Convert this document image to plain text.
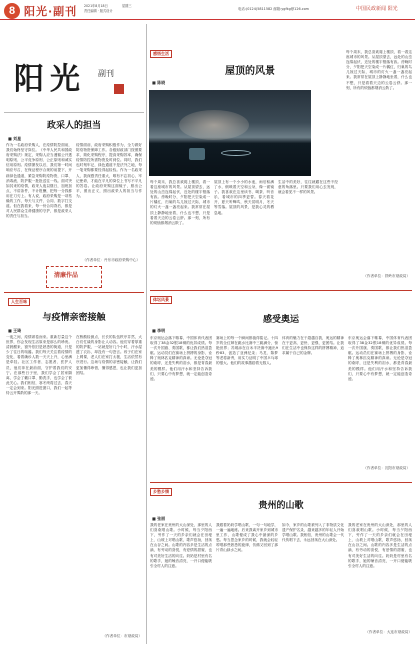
8 阳光·副刊 2021年8月18日	星期三
责任编辑 · 版式设计	电话:(0124)5811582 邮箱:ygfkg@126.com	中国民政新闻 阳光
阳光 副刊
政采人的担当
■ 刘星
作为一名政府采购人，在疫情防控面前，我们始终坚守岗位。《中华人民共和国政府采购法》规定，采购人应当遵循公开透明原则、公平竞争原则、公正原则和诚实信用原则。疫情暴发以后，我们第一时间响应号召，在保证程序合规的前提下，开辟绿色通道，紧急采购防疫物资，口罩、消毒液、防护服一批批送往一线。面对突如其来的疫情，政采人夜以继日，加班加点，不讲条件，不计报酬，把每一分钱都用在刀刃上。有人说，政府采购是一项枯燥的工作，每天与文件、合同、数字打交道。但在我看来，每一份合同背后，都是对人民群众生命健康的守护，都是政采人的责任与担当。
疫情面前，政府采购积极作为，全力做好防疫物资保障工作。各级财政部门按照要求，简化采购程序，提高采购效率，确保疫情防控所需物资及时到位。同时，我们也时刻牢记，绿色通道不是法外之地，每一笔采购都要经得起检验。作为一名政采人，我深感责任重大，唯有不忘初心，牢记使命，才能在平凡的岗位上书写不平凡的答卷。让政府采购这面镜子，照出公平，照出正义，照出政采人的担当与作为。
（作者单位：丹东市政府采购中心）
清廉作品
人生百味
与疫情亲密接触
■ 王琦
一夜之间，疫情席卷而来。重新打量这个世界，你会发现生活原来是那么的珍贵。清晨醒来，窗外依旧是熟悉的街道，只是少了往日的喧嚣。我们每天关注着疫情的变化，看着确诊人数一天天上升，心里满是牵挂。社区工作者、志愿者、医护人员，他们冲在最前面，守护着我们的安宁。在那些日子里，我们学会了居家隔离，学会了戴口罩、勤洗手，也学会了彼此关心。我们相信，寒冬终将过去，春天一定会到来。阳光照进窗口，我们一起等待云开雾散的那一天。
在核酸检测点，长长的队伍秩序井然，大白们忙碌的身影让人动容。他们穿着厚重的防护服，一站就是好几个小时，汗水湿透了衣衫，却没有一句怨言。孩子们在家上网课，老人们在家打太极，生活依然有序进行。这场与疫情的亲密接触，让我们更加懂得珍惜，懂得感恩，也让我们更加团结。
（作者单位：市财政局）
感悟生活
屋顶的风景
■ 陈晓
每个周末，我总喜欢爬上楼顶，看一看这座城市的风景。从屋顶望去，远处的山峦连绵起伏，近处的楼宇错落有致。傍晚时分，夕阳把天空染成一片橘红，归巢的鸟儿掠过天际，城市的灯火一盏一盏亮起来。我常常在屋顶上静静地坐着，什么也不想，只是看着天边的云卷云舒。那一刻，所有的烦恼都烟消云散了。
屋顶上有一个小小的水池，雨后积满了水，倒映着天空和云朵，像一面镜子。我喜欢在这里读书、喝茶、听音乐，看城市的四季更替。春天看花开，夏天听蝉鸣，秋天赏明月，冬天等雪落。屋顶的风景，是我心灵的栖息地。
生活中的美好，往往就藏在这些不经意的角落里。只要我们用心去发现，就会看见不一样的风景。
每个周末，我总喜欢爬上楼顶，看一看这座城市的风景。从屋顶望去，远处的山峦连绵起伏，近处的楼宇错落有致。傍晚时分，夕阳把天空染成一片橘红，归巢的鸟儿掠过天际，城市的灯火一盏一盏亮起来。我常常在屋顶上静静地坐着，什么也不想，只是看着天边的云卷云舒。那一刻，所有的烦恼都烟消云散了。
（作者单位：铁岭市财政局）
体坛风景
感受奥运
■ 李明
东京奥运会落下帷幕，中国体育代表团取得了38金32银18铜的优异成绩。每一次升国旗、奏国歌，都让我们热泪盈眶。运动员们在赛场上拼搏的身影，诠释了奥林匹克精神的真谛。无论是夺冠的欢呼，还是失利的泪水，都是青春最美的模样。他们用汗水和坚持告诉我们，只要心中有梦想，就一定能创造奇迹。
赛场上的每一个瞬间都值得铭记。十四岁的全红婵在跳水比赛中三跳满分，惊艳世界；苏炳添在百米半决赛中跑出9秒83，创造了亚洲纪录；马龙、陈梦等老将新秀，用实力证明了中国乒乓球的强大。他们的故事激励着无数人。
体育的魅力在于超越自我，奥运的精神在于更高、更快、更强、更团结。让我们在生活中也保持这样的拼搏精神，追求属于自己的金牌。
东京奥运会落下帷幕，中国体育代表团取得了38金32银18铜的优异成绩。每一次升国旗、奏国歌，都让我们热泪盈眶。运动员们在赛场上拼搏的身影，诠释了奥林匹克精神的真谛。无论是夺冠的欢呼，还是失利的泪水，都是青春最美的模样。他们用汗水和坚持告诉我们，只要心中有梦想，就一定能创造奇迹。
（作者单位：沈阳市财政局）
乡愁乡情
贵州的山歌
■ 张丽
我的老家在贵州的大山深处，那里的人们喜欢唱山歌。小时候，每当夕阳西下，劳作了一天的乡亲们就会在田埂上、山坡上对唱山歌，歌声悠扬，回荡在山谷之间。山歌的内容多是生活的点滴，有劳动的喜悦，有爱情的甜蜜，也有对美好生活的向往。奶奶是村里有名的歌手，她的嗓音清亮，一开口便能吸引全村人的注意。
我跟着奶奶学唱山歌，一句一句地学，一遍一遍地练。后来我离开家乡到城市里工作，山歌便成了我心中最深的乡愁。每当思念家乡的时候，我就会轻轻哼唱那些熟悉的旋律，仿佛又回到了那片青山绿水之间。
如今，家乡的山歌被列入了非物质文化遗产保护名录，越来越多的年轻人开始学唱山歌。我相信，贵州的山歌会一代代传唱下去，永远回荡在大山深处。
我的老家在贵州的大山深处，那里的人们喜欢唱山歌。小时候，每当夕阳西下，劳作了一天的乡亲们就会在田埂上、山坡上对唱山歌，歌声悠扬，回荡在山谷之间。山歌的内容多是生活的点滴，有劳动的喜悦，有爱情的甜蜜，也有对美好生活的向往。奶奶是村里有名的歌手，她的嗓音清亮，一开口便能吸引全村人的注意。
（作者单位：大连市财政局）
